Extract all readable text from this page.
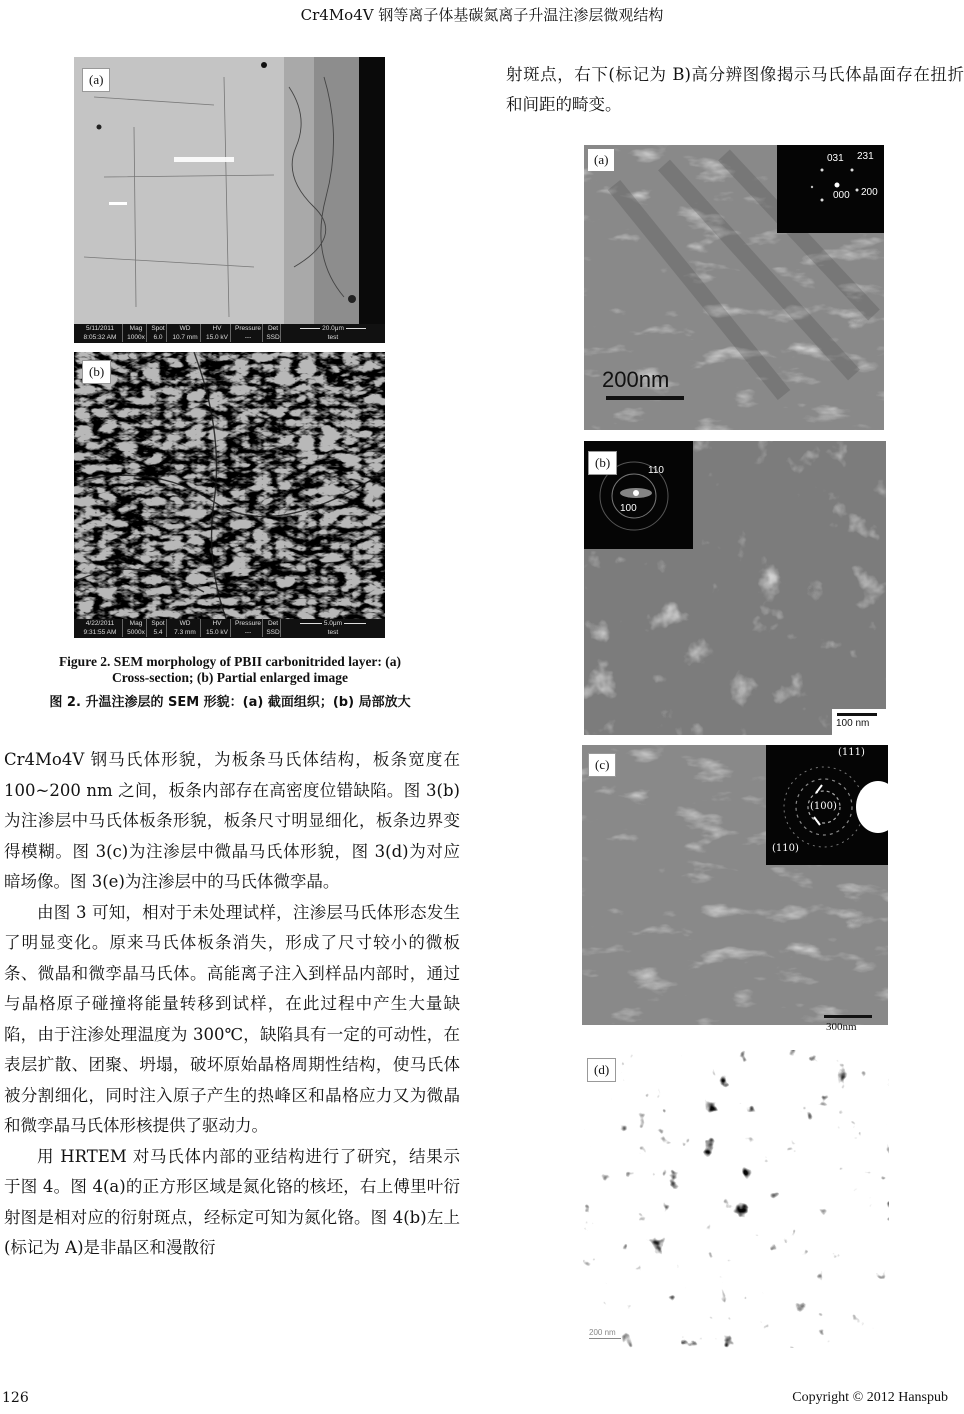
Cr4Mo4V 钢等离子体基碳氮离子升温注渗层微观结构
(a)
5/11/2011
8:05:32 AM
Mag
1000x
Spot
6.0
WD
10.7 mm
HV
15.0 kV
Pressure
---
Det
SSD
20.0μm
test
(b)
4/22/2011
9:31:55 AM
Mag
5000x
Spot
5.4
WD
7.3 mm
HV
15.0 kV
Pressure
---
Det
SSD
5.0μm
test
Figure 2. SEM morphology of PBII carbonitrided layer: (a)
Cross-section; (b) Partial enlarged image
图 2. 升温注渗层的 SEM 形貌：(a) 截面组织；(b) 局部放大

Cr4Mo4V 钢马氏体形貌，为板条马氏体结构，板条宽度在 100~200 nm 之间，板条内部存在高密度位错缺陷。图 3(b)为注渗层中马氏体板条形貌，板条尺寸明显细化，板条边界变得模糊。图 3(c)为注渗层中微晶马氏体形貌，图 3(d)为对应暗场像。图 3(e)为注渗层中的马氏体微孪晶。

由图 3 可知，相对于未处理试样，注渗层马氏体形态发生了明显变化。原来马氏体板条消失，形成了尺寸较小的微板条、微晶和微孪晶马氏体。高能离子注入到样品内部时，通过与晶格原子碰撞将能量转移到试样，在此过程中产生大量缺陷，由于注渗处理温度为 300℃，缺陷具有一定的可动性，在表层扩散、团聚、坍塌，破坏原始晶格周期性结构，使马氏体被分割细化，同时注入原子产生的热峰区和晶格应力又为微晶和微孪晶马氏体形核提供了驱动力。

用 HRTEM 对马氏体内部的亚结构进行了研究，结果示于图 4。图 4(a)的正方形区域是氮化铬的核坯，右上傅里叶衍射图是相对应的衍射斑点，经标定可知为氮化铬。图 4(b)左上(标记为 A)是非晶区和漫散衍

射斑点，右下(标记为 B)高分辨图像揭示马氏体晶面存在扭折和间距的畸变。

(a)	031 231
000 200
200nm
110
100
(b)
100 nm
(c)
(111)
(100)
(110)
300nm
(d)
200 nm
126	Copyright © 2012 Hanspub
